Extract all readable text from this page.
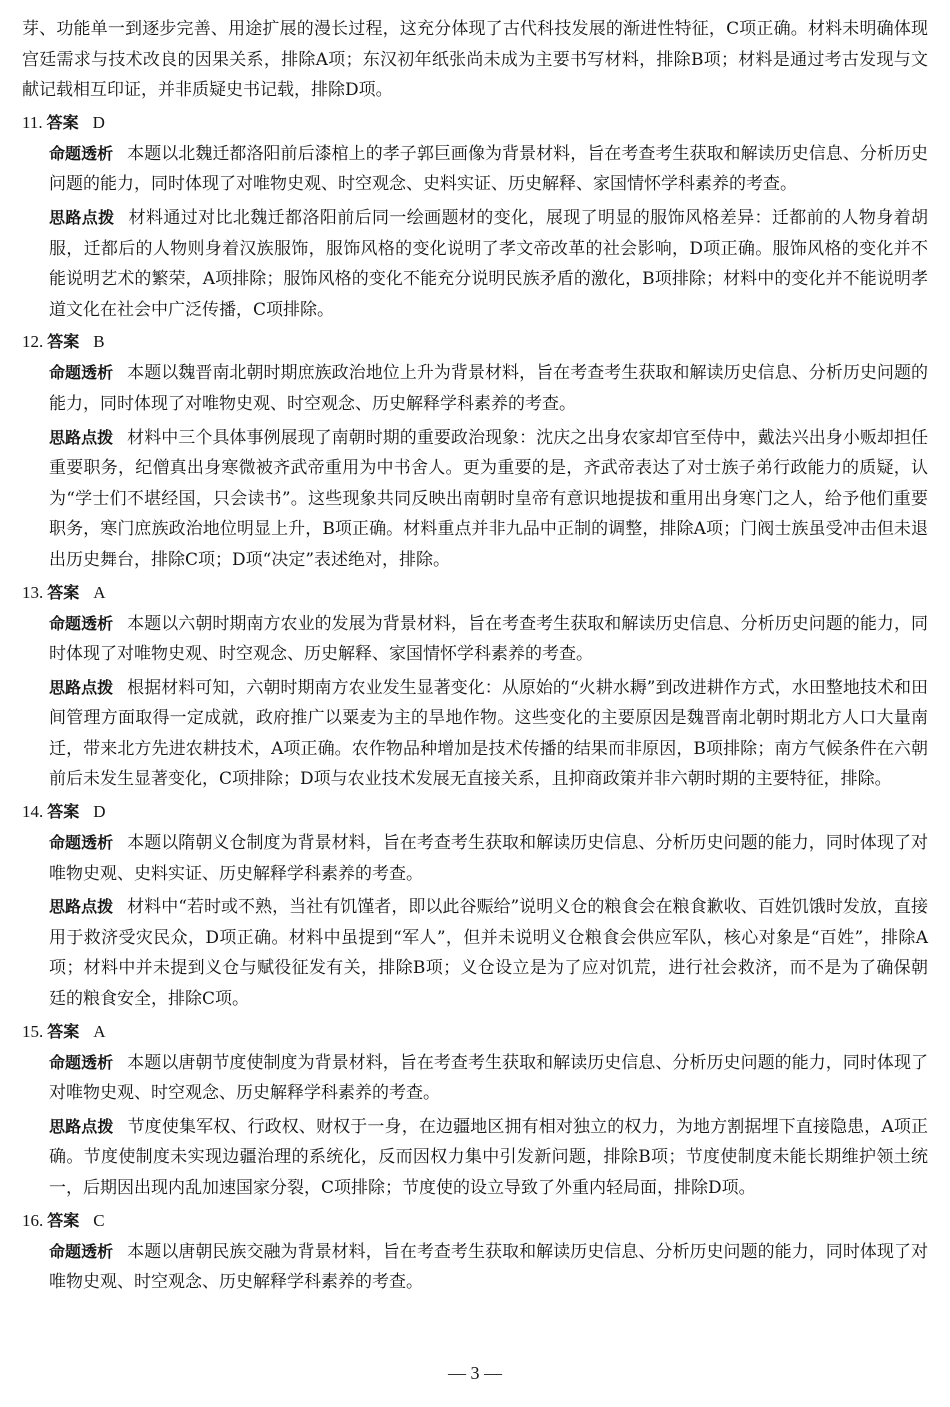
芽、功能单一到逐步完善、用途扩展的漫长过程，这充分体现了古代科技发展的渐进性特征，C项正确。材料未明确体现宫廷需求与技术改良的因果关系，排除A项；东汉初年纸张尚未成为主要书写材料，排除B项；材料是通过考古发现与文献记载相互印证，并非质疑史书记载，排除D项。

11. 答案 D

命题透析 本题以北魏迁都洛阳前后漆棺上的孝子郭巨画像为背景材料，旨在考查考生获取和解读历史信息、分析历史问题的能力，同时体现了对唯物史观、时空观念、史料实证、历史解释、家国情怀学科素养的考查。

思路点拨 材料通过对比北魏迁都洛阳前后同一绘画题材的变化，展现了明显的服饰风格差异：迁都前的人物身着胡服，迁都后的人物则身着汉族服饰，服饰风格的变化说明了孝文帝改革的社会影响，D项正确。服饰风格的变化并不能说明艺术的繁荣，A项排除；服饰风格的变化不能充分说明民族矛盾的激化，B项排除；材料中的变化并不能说明孝道文化在社会中广泛传播，C项排除。

12. 答案 B

命题透析 本题以魏晋南北朝时期庶族政治地位上升为背景材料，旨在考查考生获取和解读历史信息、分析历史问题的能力，同时体现了对唯物史观、时空观念、历史解释学科素养的考查。

思路点拨 材料中三个具体事例展现了南朝时期的重要政治现象：沈庆之出身农家却官至侍中，戴法兴出身小贩却担任重要职务，纪僧真出身寒微被齐武帝重用为中书舍人。更为重要的是，齐武帝表达了对士族子弟行政能力的质疑，认为“学士们不堪经国，只会读书”。这些现象共同反映出南朝时皇帝有意识地提拔和重用出身寒门之人，给予他们重要职务，寒门庶族政治地位明显上升，B项正确。材料重点并非九品中正制的调整，排除A项；门阀士族虽受冲击但未退出历史舞台，排除C项；D项“决定”表述绝对，排除。

13. 答案 A

命题透析 本题以六朝时期南方农业的发展为背景材料，旨在考查考生获取和解读历史信息、分析历史问题的能力，同时体现了对唯物史观、时空观念、历史解释、家国情怀学科素养的考查。

思路点拨 根据材料可知，六朝时期南方农业发生显著变化：从原始的“火耕水耨”到改进耕作方式，水田整地技术和田间管理方面取得一定成就，政府推广以粟麦为主的旱地作物。这些变化的主要原因是魏晋南北朝时期北方人口大量南迁，带来北方先进农耕技术，A项正确。农作物品种增加是技术传播的结果而非原因，B项排除；南方气候条件在六朝前后未发生显著变化，C项排除；D项与农业技术发展无直接关系，且抑商政策并非六朝时期的主要特征，排除。

14. 答案 D

命题透析 本题以隋朝义仓制度为背景材料，旨在考查考生获取和解读历史信息、分析历史问题的能力，同时体现了对唯物史观、史料实证、历史解释学科素养的考查。

思路点拨 材料中“若时或不熟，当社有饥馑者，即以此谷赈给”说明义仓的粮食会在粮食歉收、百姓饥饿时发放，直接用于救济受灾民众，D项正确。材料中虽提到“军人”，但并未说明义仓粮食会供应军队，核心对象是“百姓”，排除A项；材料中并未提到义仓与赋役征发有关，排除B项；义仓设立是为了应对饥荒，进行社会救济，而不是为了确保朝廷的粮食安全，排除C项。

15. 答案 A

命题透析 本题以唐朝节度使制度为背景材料，旨在考查考生获取和解读历史信息、分析历史问题的能力，同时体现了对唯物史观、时空观念、历史解释学科素养的考查。

思路点拨 节度使集军权、行政权、财权于一身，在边疆地区拥有相对独立的权力，为地方割据埋下直接隐患，A项正确。节度使制度未实现边疆治理的系统化，反而因权力集中引发新问题，排除B项；节度使制度未能长期维护领土统一，后期因出现内乱加速国家分裂，C项排除；节度使的设立导致了外重内轻局面，排除D项。

16. 答案 C

命题透析 本题以唐朝民族交融为背景材料，旨在考查考生获取和解读历史信息、分析历史问题的能力，同时体现了对唯物史观、时空观念、历史解释学科素养的考查。

— 3 —
